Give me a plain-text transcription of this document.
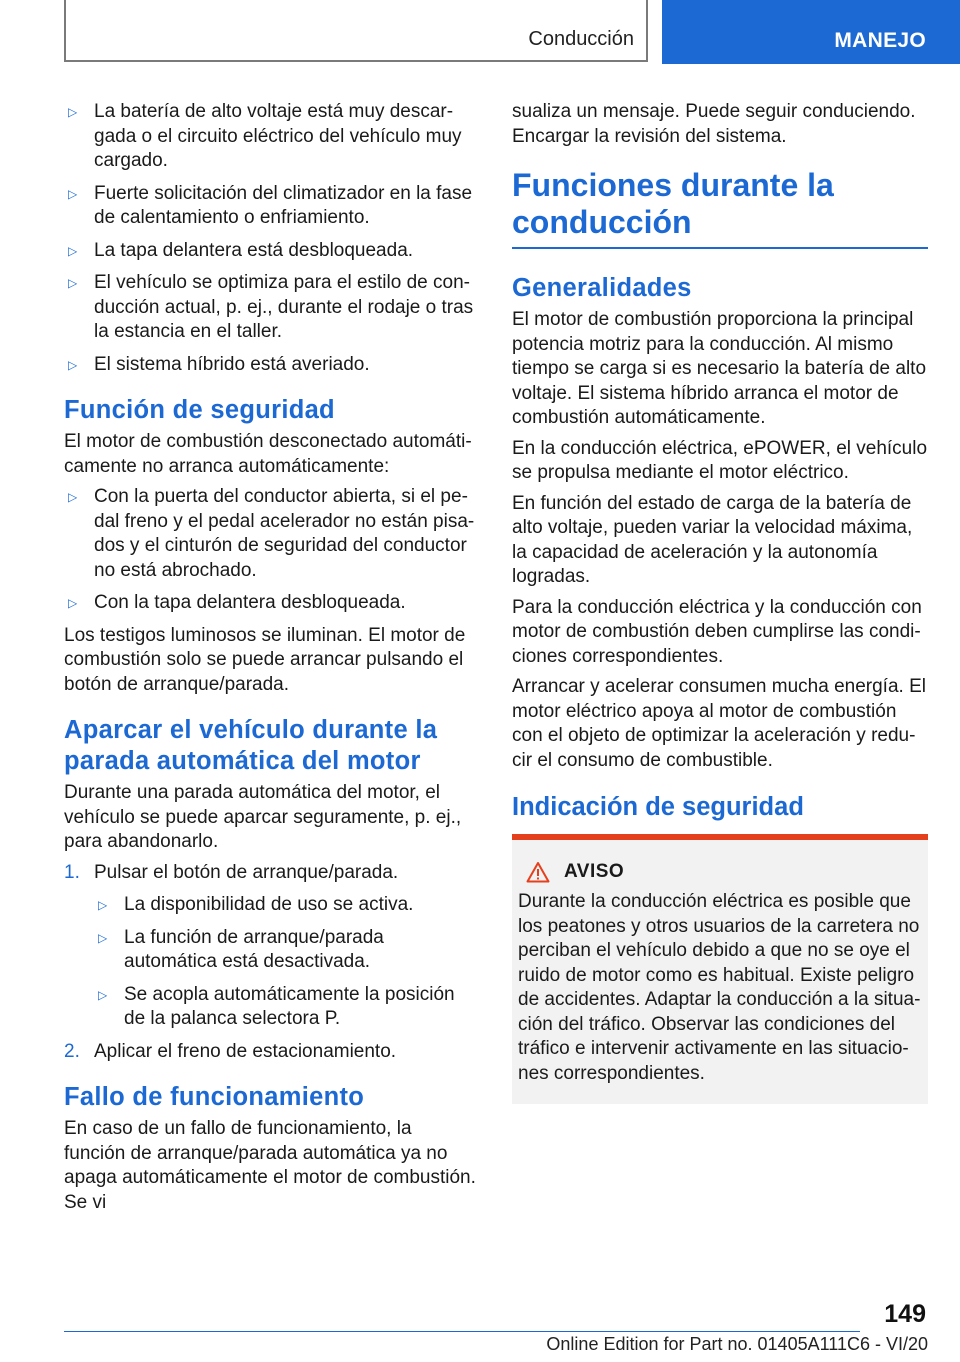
Conducción	MANEJO
▷ La batería de alto voltaje está muy descargada o el circuito eléctrico del vehículo muy cargado.
▷ Fuerte solicitación del climatizador en la fase de calentamiento o enfriamiento.
▷ La tapa delantera está desbloqueada.
▷ El vehículo se optimiza para el estilo de conducción actual, p. ej., durante el rodaje o tras la estancia en el taller.
▷ El sistema híbrido está averiado.
Función de seguridad

El motor de combustión desconectado automáticamente no arranca automáticamente:

▷ Con la puerta del conductor abierta, si el pedal freno y el pedal acelerador no están pisados y el cinturón de seguridad del conductor no está abrochado.
▷ Con la tapa delantera desbloqueada.

Los testigos luminosos se iluminan. El motor de combustión solo se puede arrancar pulsando el botón de arranque/parada.

Aparcar el vehículo durante la parada automática del motor

Durante una parada automática del motor, el vehículo se puede aparcar seguramente, p. ej., para abandonarlo.

1. Pulsar el botón de arranque/parada.
▷ La disponibilidad de uso se activa.
▷ La función de arranque/parada automática está desactivada.
▷ Se acopla automáticamente la posición de la palanca selectora P.
2. Aplicar el freno de estacionamiento.
Fallo de funcionamiento

En caso de un fallo de funcionamiento, la función de arranque/parada automática ya no apaga automáticamente el motor de combustión. Se vi

sualiza un mensaje. Puede seguir conduciendo. Encargar la revisión del sistema.

Funciones durante la conducción
Generalidades

El motor de combustión proporciona la principal potencia motriz para la conducción. Al mismo tiempo se carga si es necesario la batería de alto voltaje. El sistema híbrido arranca el motor de combustión automáticamente.

En la conducción eléctrica, ePOWER, el vehículo se propulsa mediante el motor eléctrico.

En función del estado de carga de la batería de alto voltaje, pueden variar la velocidad máxima, la capacidad de aceleración y la autonomía logradas.

Para la conducción eléctrica y la conducción con motor de combustión deben cumplirse las condiciones correspondientes.

Arrancar y acelerar consumen mucha energía. El motor eléctrico apoya al motor de combustión con el objeto de optimizar la aceleración y reducir el consumo de combustible.

Indicación de seguridad
AVISO

Durante la conducción eléctrica es posible que los peatones y otros usuarios de la carretera no perciban el vehículo debido a que no se oye el ruido de motor como es habitual. Existe peligro de accidentes. Adaptar la conducción a la situación del tráfico. Observar las condiciones del tráfico e intervenir activamente en las situaciones correspondientes.

149
Online Edition for Part no. 01405A111C6 - VI/20
